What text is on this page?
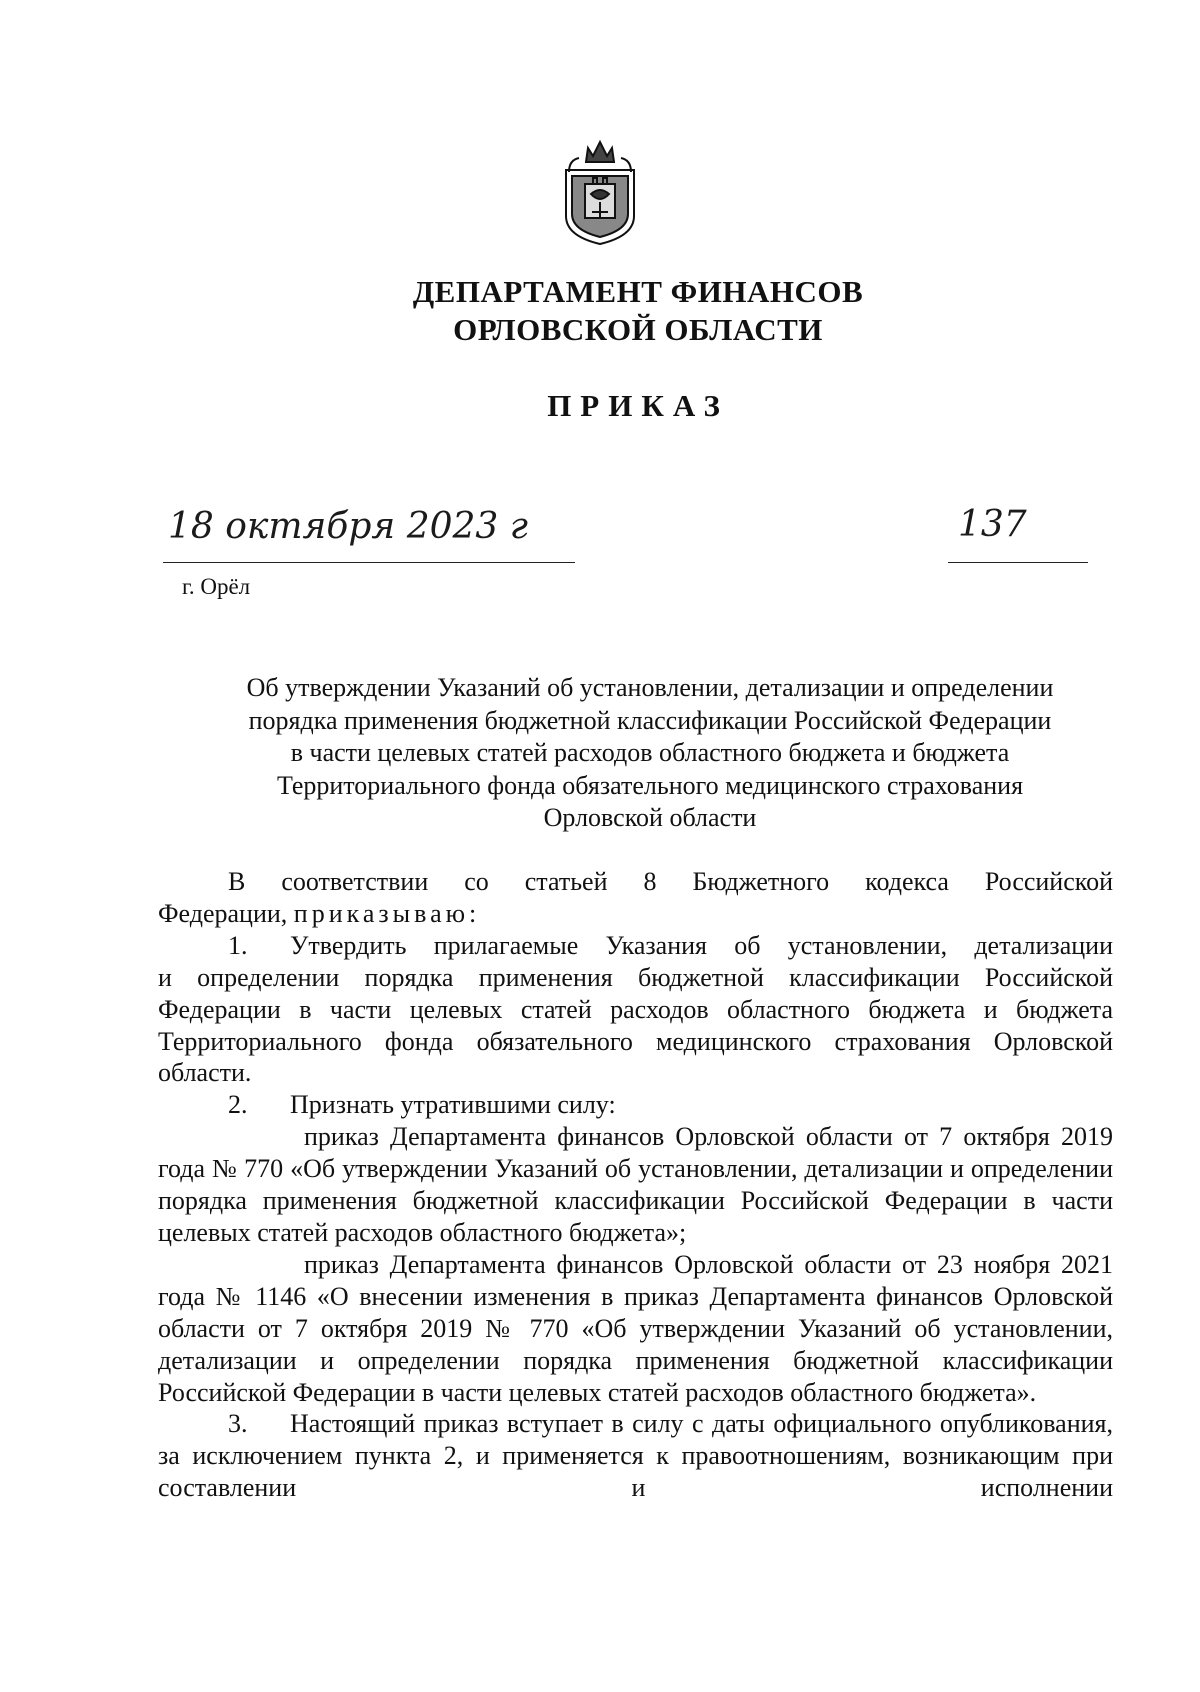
ДЕПАРТАМЕНТ ФИНАНСОВ
ОРЛОВСКОЙ ОБЛАСТИ
ПРИКАЗ
18 октября 2023 г	137
г. Орёл
Об утверждении Указаний об установлении, детализации и определении
порядка применения бюджетной классификации Российской Федерации
в части целевых статей расходов областного бюджета и бюджета
Территориального фонда обязательного медицинского страхования
Орловской области

В соответствии со статьей 8 Бюджетного кодекса Российской

Федерации, приказываю:

1. Утвердить прилагаемые Указания об установлении, детализации

и определении порядка применения бюджетной классификации Российской Федерации в части целевых статей расходов областного бюджета и бюджета Территориального фонда обязательного медицинского страхования Орловской области.

2. Признать утратившими силу:

приказ Департамента финансов Орловской области от 7 октября 2019 года № 770 «Об утверждении Указаний об установлении, детализации и определении порядка применения бюджетной классификации Российской Федерации в части целевых статей расходов областного бюджета»;

приказ Департамента финансов Орловской области от 23 ноября 2021 года № 1146 «О внесении изменения в приказ Департамента финансов Орловской области от 7 октября 2019 № 770 «Об утверждении Указаний об установлении, детализации и определении порядка применения бюджетной классификации Российской Федерации в части целевых статей расходов областного бюджета».

3. Настоящий приказ вступает в силу с даты официального опубликования, за исключением пункта 2, и применяется к правоотношениям, возникающим при составлении и исполнении
